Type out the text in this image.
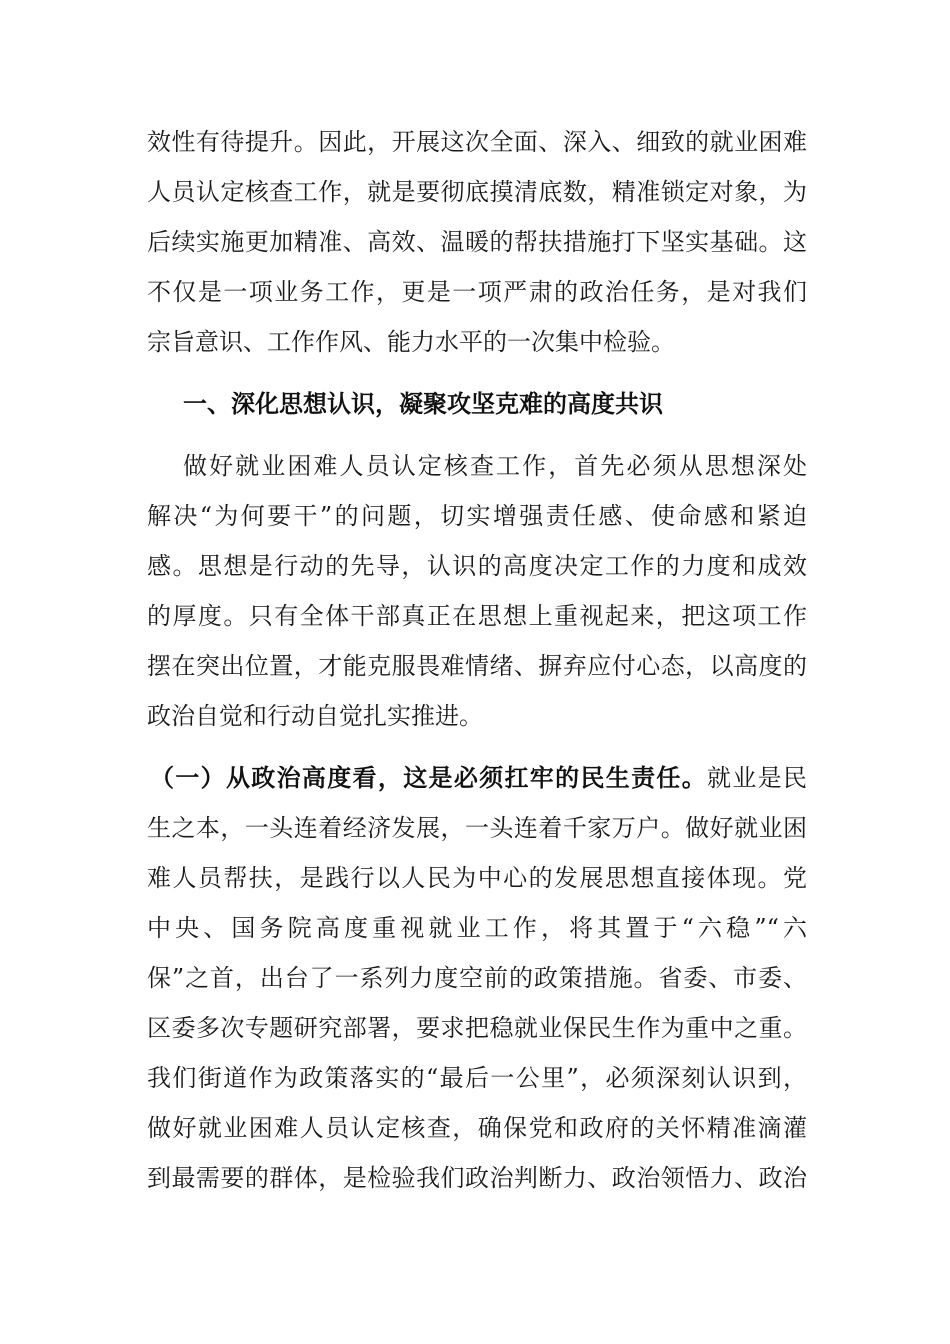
效性有待提升。因此，开展这次全面、深入、细致的就业困难
人员认定核查工作，就是要彻底摸清底数，精准锁定对象，为
后续实施更加精准、高效、温暖的帮扶措施打下坚实基础。这
不仅是一项业务工作，更是一项严肃的政治任务，是对我们
宗旨意识、工作作风、能力水平的一次集中检验。
一、深化思想认识，凝聚攻坚克难的高度共识
做好就业困难人员认定核查工作，首先必须从思想深处
解决“为何要干”的问题，切实增强责任感、使命感和紧迫
感。思想是行动的先导，认识的高度决定工作的力度和成效
的厚度。只有全体干部真正在思想上重视起来，把这项工作
摆在突出位置，才能克服畏难情绪、摒弃应付心态，以高度的
政治自觉和行动自觉扎实推进。
（一）从政治高度看，这是必须扛牢的民生责任。就业是民
生之本，一头连着经济发展，一头连着千家万户。做好就业困
难人员帮扶，是践行以人民为中心的发展思想直接体现。党
中央、国务院高度重视就业工作，将其置于“六稳”“六
保”之首，出台了一系列力度空前的政策措施。省委、市委、
区委多次专题研究部署，要求把稳就业保民生作为重中之重。
我们街道作为政策落实的“最后一公里”，必须深刻认识到，
做好就业困难人员认定核查，确保党和政府的关怀精准滴灌
到最需要的群体，是检验我们政治判断力、政治领悟力、政治
